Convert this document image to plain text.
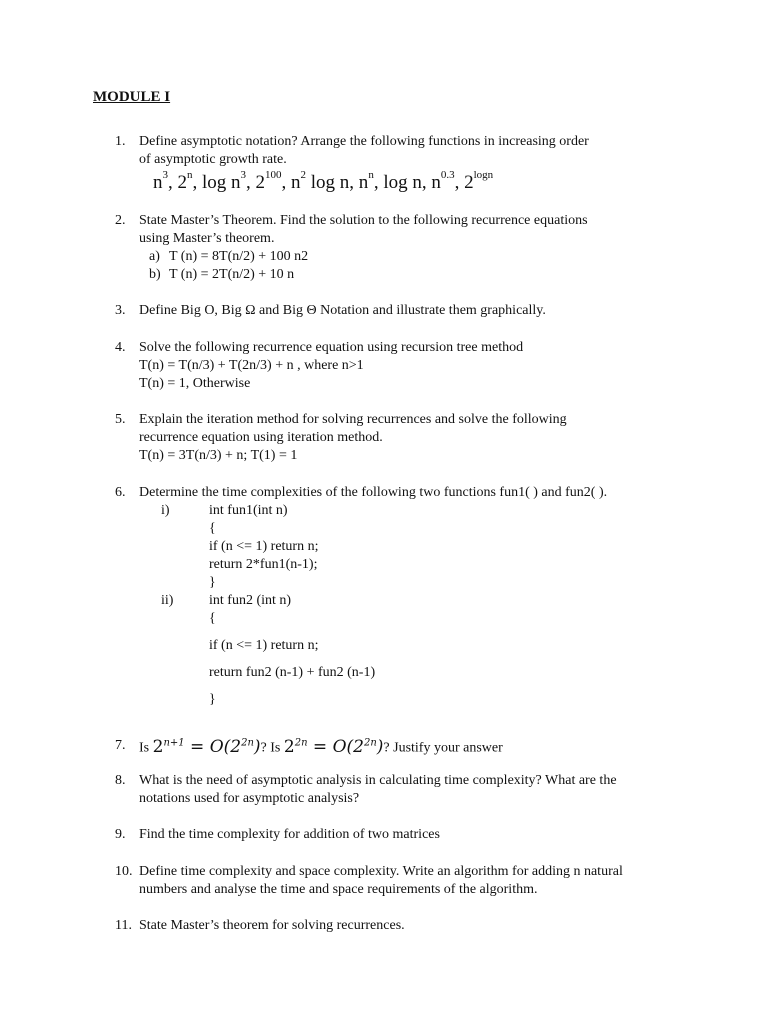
MODULE I
1. Define asymptotic notation? Arrange the following functions in increasing order
of asymptotic growth rate.
$n^3$, 2$^n$, $\log n^3$, $2^{100}$, $n^2$ log n, $n^n$, log n, $n^{0.3}$, $2^{logn}$
2. State Master’s Theorem. Find the solution to the following recurrence equations
using Master’s theorem.
a) T (n) = 8T(n/2) + 100 n2
b) T (n) = 2T(n/2) + 10 n
3. Define Big O, Big Ω and Big Θ Notation and illustrate them graphically.
4. Solve the following recurrence equation using recursion tree method
T(n) = T(n/3) + T(2n/3) + n , where n>1
T(n) = 1, Otherwise
5. Explain the iteration method for solving recurrences and solve the following
recurrence equation using iteration method.
T(n) = 3T(n/3) + n; T(1) = 1
6. Determine the time complexities of the following two functions fun1( ) and fun2( ).
i)	int fun1(int n)
{
if (n <= 1) return n;
return 2*fun1(n-1);
}
ii)	int fun2 (int n)
{
if (n <= 1) return n;
return fun2 (n-1) + fun2 (n-1)
}
7. Is $2^{n+1} = O(2^{2n})$? Is $2^{2n} = O(2^{2n})$? Justify your answer
8. What is the need of asymptotic analysis in calculating time complexity? What are the
notations used for asymptotic analysis?
9. Find the time complexity for addition of two matrices
10. Define time complexity and space complexity. Write an algorithm for adding n natural
numbers and analyse the time and space requirements of the algorithm.
11. State Master’s theorem for solving recurrences.
